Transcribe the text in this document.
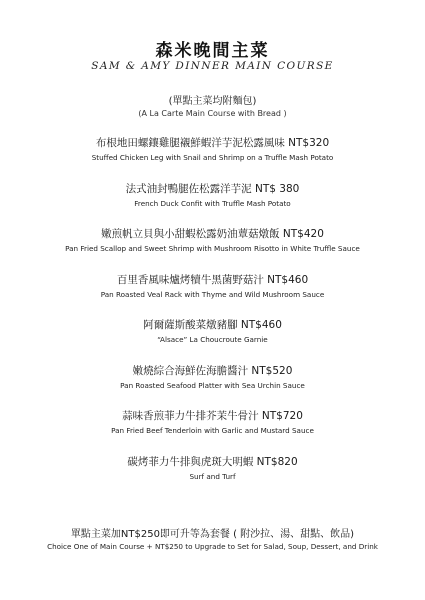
森米晚間主菜
SAM & AMY DINNER MAIN COURSE
(單點主菜均附麵包)
(A La Carte Main Course with Bread )
布根地田螺鑲雞腿襯鮮蝦洋芋泥松露風味 NT$320
Stuffed Chicken Leg with Snail and Shrimp on a Truffle Mash Potato
法式油封鴨腿佐松露洋芋泥 NT$ 380
French Duck Confit with Truffle Mash Potato
嫩煎帆立貝與小甜蝦松露奶油蕈菇燉飯 NT$420
Pan Fried Scallop and Sweet Shrimp with Mushroom Risotto in White Truffle Sauce
百里香風味爐烤犢牛黑菌野菇汁 NT$460
Pan Roasted Veal Rack with Thyme and Wild Mushroom Sauce
阿爾薩斯酸菜燉豬腳 NT$460
“Alsace” La Choucroute Garnie
嫩燒綜合海鮮佐海膽醬汁 NT$520
Pan Roasted Seafood Platter with Sea Urchin Sauce
蒜味香煎菲力牛排芥茉牛骨汁 NT$720
Pan Fried Beef Tenderloin with Garlic and Mustard Sauce
碳烤菲力牛排與虎斑大明蝦 NT$820
Surf and Turf
單點主菜加NT$250即可升等為套餐 ( 附沙拉、湯、甜點、飲品)
Choice One of Main Course + NT$250 to Upgrade to Set for Salad, Soup, Dessert, and Drink
